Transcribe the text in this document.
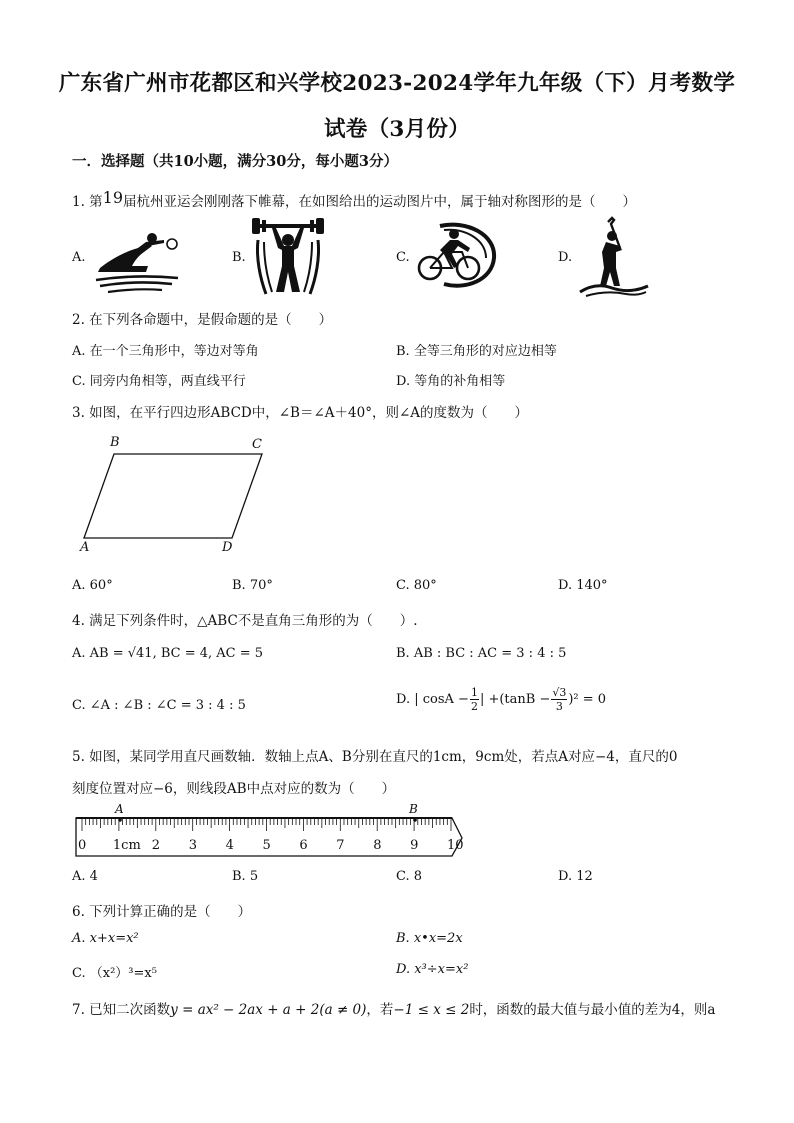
广东省广州市花都区和兴学校2023-2024学年九年级（下）月考数学
试卷（3月份）
一．选择题（共10小题，满分30分，每小题3分）
1. 第19届杭州亚运会刚刚落下帷幕，在如图给出的运动图片中，属于轴对称图形的是（　　）
A.	B.	C.	D.
2. 在下列各命题中，是假命题的是（　　）
A. 在一个三角形中，等边对等角	B. 全等三角形的对应边相等
C. 同旁内角相等，两直线平行	D. 等角的补角相等
3. 如图，在平行四边形ABCD中，∠B＝∠A＋40°，则∠A的度数为（　　）
B	C
A	D
A. 60°	B. 70°	C. 80°	D. 140°
4. 满足下列条件时，△ABC不是直角三角形的为（　　）.
A. AB = √41, BC = 4, AC = 5	B. AB : BC : AC = 3 : 4 : 5
C. ∠A : ∠B : ∠C = 3 : 4 : 5	D. | $\cos A - \frac{1}{2}$ | $+(\tan B - \frac{√3}{3} )^2 = 0$
5. 如图，某同学用直尺画数轴．数轴上点A、B分别在直尺的1cm，9cm处，若点A对应−4，直尺的0
刻度位置对应−6，则线段AB中点对应的数为（　　）
A	B
0 1cm 2 3 4 5 6 7 8 9 10
A. 4	B. 5	C. 8	D. 12
6. 下列计算正确的是（　　）
A. x+x=x²	B. x•x=2x
C. （x²）³=x⁵	D. x³÷x=x²
7. 已知二次函数y = ax² − 2ax + a + 2(a ≠ 0)，若−1 ≤ x ≤ 2时，函数的最大值与最小值的差为4，则a
